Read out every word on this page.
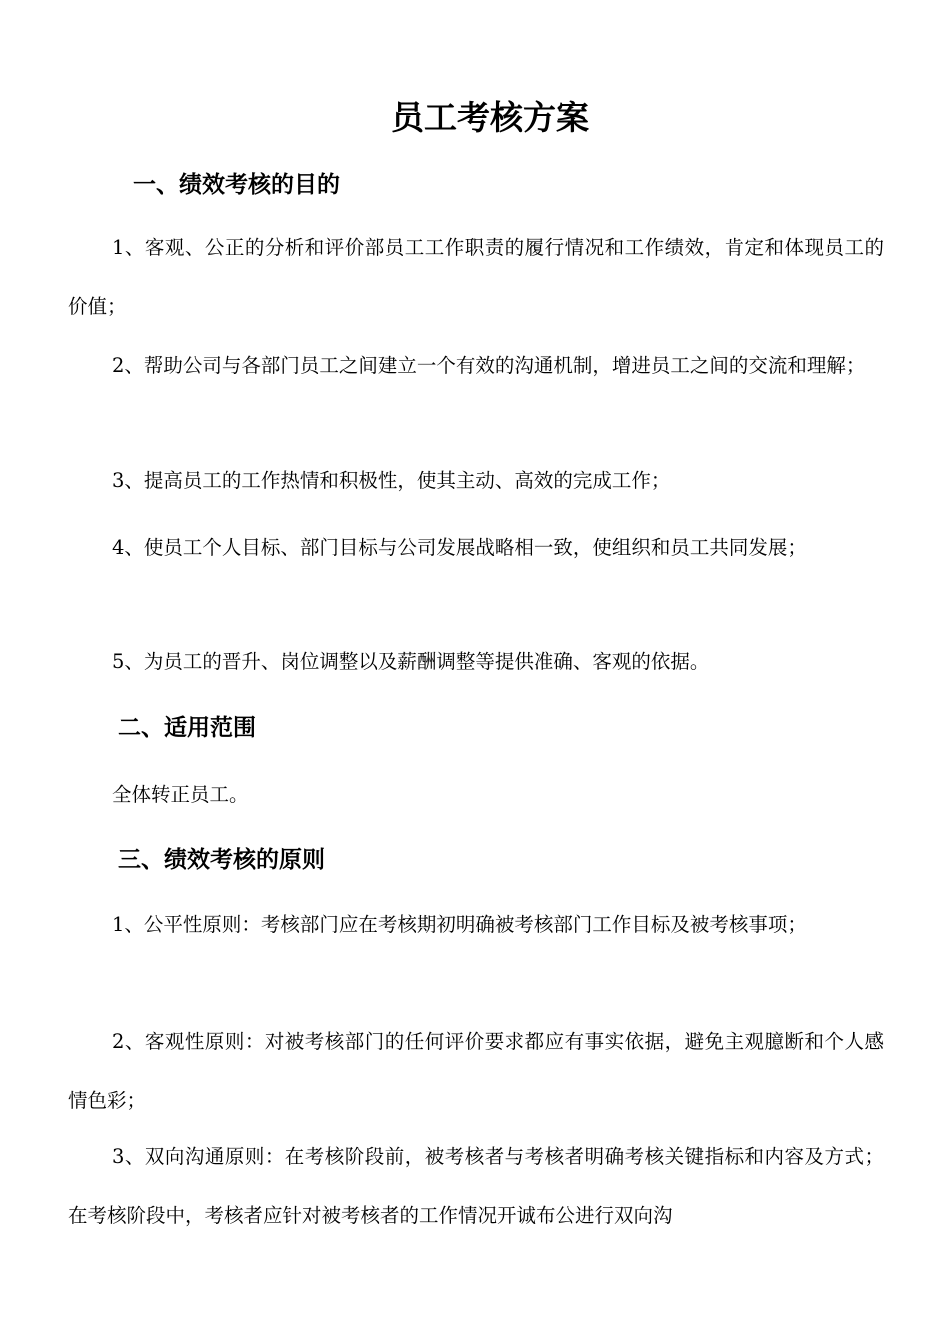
员工考核方案
一、绩效考核的目的
1、客观、公正的分析和评价部员工工作职责的履行情况和工作绩效，肯定和体现员工的价值；
2、帮助公司与各部门员工之间建立一个有效的沟通机制，增进员工之间的交流和理解；
3、提高员工的工作热情和积极性，使其主动、高效的完成工作；
4、使员工个人目标、部门目标与公司发展战略相一致，使组织和员工共同发展；
5、为员工的晋升、岗位调整以及薪酬调整等提供准确、客观的依据。
二、适用范围
全体转正员工。
三、绩效考核的原则
1、公平性原则：考核部门应在考核期初明确被考核部门工作目标及被考核事项；
2、客观性原则：对被考核部门的任何评价要求都应有事实依据，避免主观臆断和个人感情色彩；
3、双向沟通原则：在考核阶段前，被考核者与考核者明确考核关键指标和内容及方式；在考核阶段中，考核者应针对被考核者的工作情况开诚布公进行双向沟
